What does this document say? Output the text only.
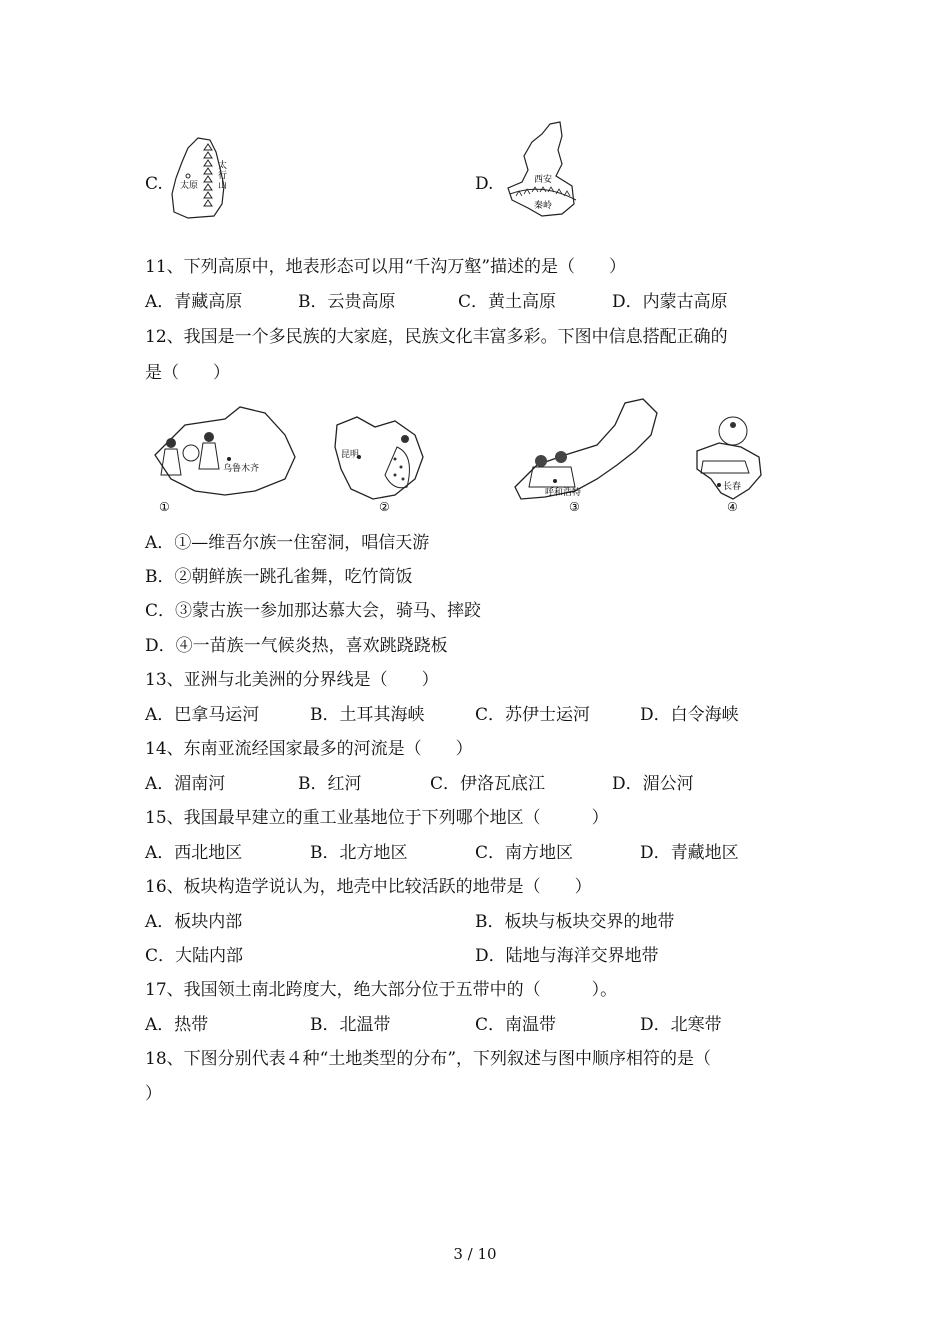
C.
太
行
山
太原	D.	西安
秦岭
11、下列高原中，地表形态可以用“千沟万壑”描述的是（　　）
A．青藏高原	B．云贵高原	C．黄土高原	D．内蒙古高原
12、我国是一个多民族的大家庭，民族文化丰富多彩。下图中信息搭配正确的
是（　　）
乌鲁木齐
①
昆明
②
呼和浩特
③
长春
④
A．①—维吾尔族一住窑洞，唱信天游
B．②朝鲜族一跳孔雀舞，吃竹筒饭
C．③蒙古族一参加那达慕大会，骑马、摔跤
D．④一苗族一气候炎热，喜欢跳跷跷板
13、亚洲与北美洲的分界线是（　　）
A．巴拿马运河	B．土耳其海峡	C．苏伊士运河	D．白令海峡
14、东南亚流经国家最多的河流是（　　）
A．湄南河	B．红河	C．伊洛瓦底江	D．湄公河
15、我国最早建立的重工业基地位于下列哪个地区（　　　）
A．西北地区	B．北方地区	C．南方地区	D．青藏地区
16、板块构造学说认为，地壳中比较活跃的地带是（　　）
A．板块内部	B．板块与板块交界的地带
C．大陆内部	D．陆地与海洋交界地带
17、我国领土南北跨度大，绝大部分位于五带中的（　　　）。
A．热带	B．北温带	C．南温带	D．北寒带
18、下图分别代表４种“土地类型的分布”，下列叙述与图中顺序相符的是（
）
3 / 10
